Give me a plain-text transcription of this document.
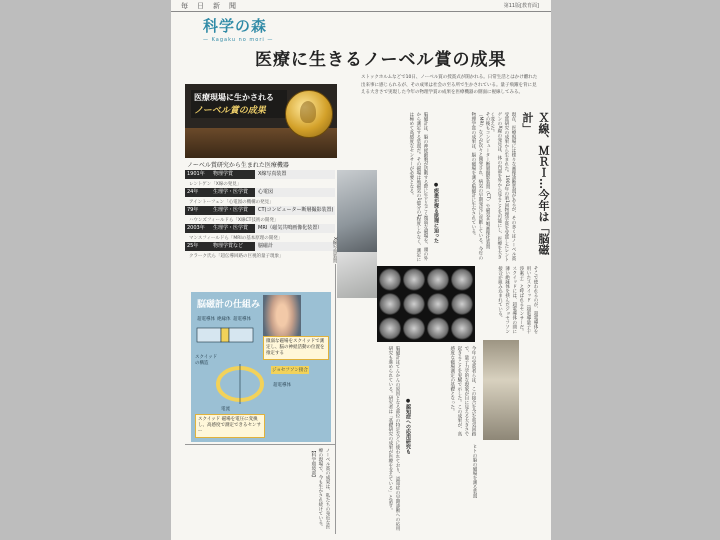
毎日新聞	第11版[教育面]
科学の森
— Kagaku no mori —
医療に生きるノーベル賞の成果
ストックホルムなどで10日、ノーベル賞の授賞式が開かれる。日常生活とはかけ離れた出来事に感じられるが、その成果は社会の至る所で生かされている。量子飛躍を背に見える大きさで実現した今年の物理学賞の成果を医療機器の側面に視線してみる。
医療現場に生かされる
ノーベル賞の成果
ノーベル賞研究から生まれた医療機器
1901年	物理学賞	X線写真装置
レントゲン「X線の発見」
24年	生理学・医学賞	心電図
アイントーフェン「心電図の機構の発見」
79年	生理学・医学賞	CT(コンピューター断層撮影装置)
ハウンズフィールドら「X線CT技術の開発」
2003年	生理学・医学賞	MRI（磁気共鳴画像化装置）
マンスフィールドら「MRIの基本原理の開発」
25年	物理学賞など	脳磁計
クラーク氏ら「超伝導回路の巨視的量子現象」	X線写真装置
脳磁計の仕組み
超電導体 絶縁体 超電導体
スクイッドの構造
ジョセフソン接合
超電導体
電流
微弱な磁場をスクイッドで測定し、脳の神経活動の位置を推定する
スクイッド 磁場を電圧に変換し、高感度で測定できるセンサー
Ｘ線、ＭＲＩ…今年は「脳磁計」
●疾患が探る原理に迫った
●認知症への応用研究も
現在、医療現場には様々な画像診断装置があるが、その多くはノーベル賞受賞研究の成果から生まれた。1901年の第1回物理学賞を受賞したレントゲンのX線の発見は、体の内部を外から見ることを可能にし、医療を大きく変えた。
その後もコンピューター断層撮影装置（CT）や磁気共鳴画像化装置（MRI）などが次々と開発され、病気の早期発見に貢献している。今年の物理学賞の成果は、脳の磁場を測る脳磁計に生かされている。
脳磁計は、脳の神経細胞が活動する際に生じるごく微弱な磁場を、頭の外から測定する装置だ。その磁場は地磁気の1億分の1程度しかなく、測定には極めて高感度なセンサーが必要となる。
そこで使われるのが、超電導体を用いたスクイッド（超電導量子干渉素子）と呼ばれるセンサーだ。スクイッドには、超電導体の間に薄い絶縁体を挟んだジョセフソン接合が組み込まれている。
今年の受賞者らは、この接合を含む電気回路で、量子力学的な現象が目に見える大きさで起きることを実験で示した。この成果が、高感度な磁場測定の基礎となった。
脳磁計はてんかんの原因となる部位の特定などに使われており、認知症の早期診断への応用研究も進められている。研究者は「基礎研究の成果が医療を支えている」と話す。
ノーベル賞の成果は、私たちの身近な医療の現場で、今も生かされ続けている。【科学環境部】	ヒトの脳の磁場を測る装置
